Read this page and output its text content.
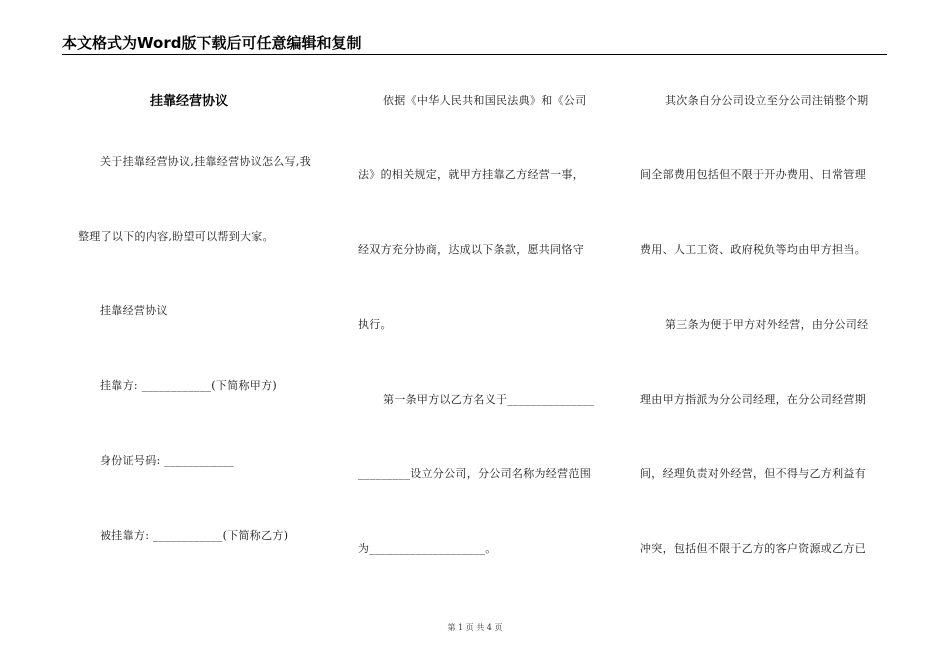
本文格式为Word版下载后可任意编辑和复制
挂靠经营协议
关于挂靠经营协议,挂靠经营协议怎么写,我
整理了以下的内容,盼望可以帮到大家。
挂靠经营协议
挂靠方: ____________(下简称甲方)
身份证号码: ____________
被挂靠方: ____________(下简称乙方)
依据《中华人民共和国民法典》和《公司
法》的相关规定，就甲方挂靠乙方经营一事，
经双方充分协商，达成以下条款，愿共同恪守
执行。
第一条甲方以乙方名义于_______________
_________设立分公司，分公司名称为经营范围
为____________________。
其次条自分公司设立至分公司注销整个期
间全部费用包括但不限于开办费用、日常管理
费用、人工工资、政府税负等均由甲方担当。
第三条为便于甲方对外经营，由分公司经
理由甲方指派为分公司经理，在分公司经营期
间，经理负责对外经营，但不得与乙方利益有
冲突，包括但不限于乙方的客户资源或乙方已
第 1 页 共 4 页
